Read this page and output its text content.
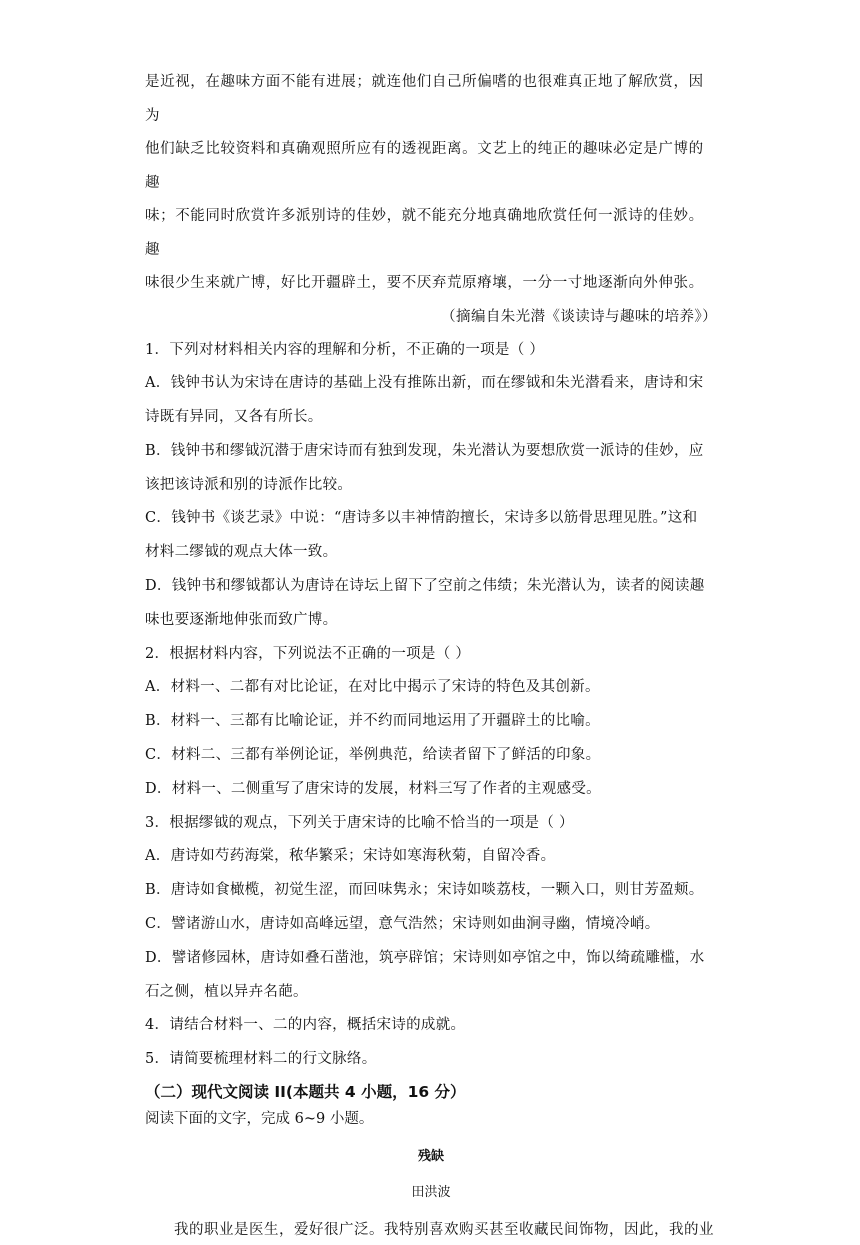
是近视，在趣味方面不能有进展；就连他们自己所偏嗜的也很难真正地了解欣赏，因为

他们缺乏比较资料和真确观照所应有的透视距离。文艺上的纯正的趣味必定是广博的趣

味；不能同时欣赏许多派别诗的佳妙，就不能充分地真确地欣赏任何一派诗的佳妙。趣

味很少生来就广博，好比开疆辟土，要不厌弃荒原瘠壤，一分一寸地逐渐向外伸张。

（摘编自朱光潜《谈读诗与趣味的培养》）

1．下列对材料相关内容的理解和分析，不正确的一项是（ ）

A．钱钟书认为宋诗在唐诗的基础上没有推陈出新，而在缪钺和朱光潜看来，唐诗和宋

诗既有异同，又各有所长。

B．钱钟书和缪钺沉潜于唐宋诗而有独到发现，朱光潜认为要想欣赏一派诗的佳妙，应

该把该诗派和别的诗派作比较。

C．钱钟书《谈艺录》中说：“唐诗多以丰神情韵擅长，宋诗多以筋骨思理见胜。”这和

材料二缪钺的观点大体一致。

D．钱钟书和缪钺都认为唐诗在诗坛上留下了空前之伟绩；朱光潜认为，读者的阅读趣

味也要逐渐地伸张而致广博。

2．根据材料内容，下列说法不正确的一项是（ ）

A．材料一、二都有对比论证，在对比中揭示了宋诗的特色及其创新。

B．材料一、三都有比喻论证，并不约而同地运用了开疆辟土的比喻。

C．材料二、三都有举例论证，举例典范，给读者留下了鲜活的印象。

D．材料一、二侧重写了唐宋诗的发展，材料三写了作者的主观感受。

3．根据缪钺的观点，下列关于唐宋诗的比喻不恰当的一项是（ ）

A．唐诗如芍药海棠，秾华繁采；宋诗如寒海秋菊，自留冷香。

B．唐诗如食橄榄，初觉生涩，而回味隽永；宋诗如啖荔枝，一颗入口，则甘芳盈颊。

C．譬诸游山水，唐诗如高峰远望，意气浩然；宋诗则如曲涧寻幽，情境冷峭。

D．譬诸修园林，唐诗如叠石凿池，筑亭辟馆；宋诗则如亭馆之中，饰以绮疏雕槛，水

石之侧，植以异卉名葩。

4．请结合材料一、二的内容，概括宋诗的成就。

5．请简要梳理材料二的行文脉络。

（二）现代文阅读 II(本题共 4 小题，16 分）

阅读下面的文字，完成 6~9 小题。

残缺

田洪波

我的职业是医生，爱好很广泛。我特别喜欢购买甚至收藏民间饰物，因此，我的业
